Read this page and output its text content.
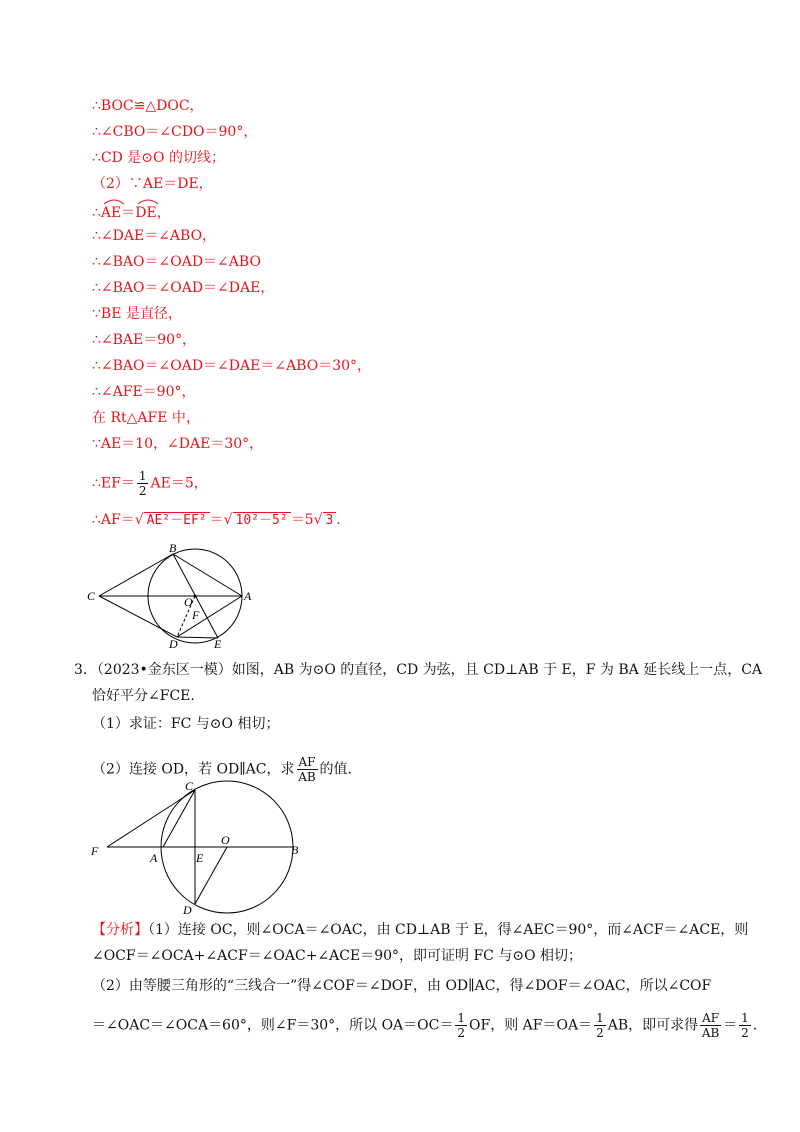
∴BOC≌△DOC，
∴∠CBO＝∠CDO＝90°，
∴CD 是⊙O 的切线；
（2）∵AE＝DE，
∴AE＝DE，
∴∠DAE＝∠ABO，
∴∠BAO＝∠OAD＝∠ABO
∴∠BAO＝∠OAD＝∠DAE，
∵BE 是直径，
∴∠BAE＝90°，
∴∠BAO＝∠OAD＝∠DAE＝∠ABO＝30°，
∴∠AFE＝90°，
在 Rt△AFE 中，
∵AE＝10，∠DAE＝30°，
∴EF＝ $\frac{1}{2} AE=5$，
∴AF＝√ AE²－EF² ＝√ 10²－5² ＝5√ 3 .
B
C	O
F
A
D	E
3．（2023•金东区一模）如图，AB 为⊙O 的直径，CD 为弦，且 CD⊥AB 于 E，F 为 BA 延长线上一点，CA
恰好平分∠FCE.
（1）求证：FC 与⊙O 相切；
（2）连接 OD，若 OD∥AC，求 $\frac{AF}{AB}$ 的值.
C
F	A	E
O
B
D
【分析】（1）连接 OC，则∠OCA＝∠OAC，由 CD⊥AB 于 E，得∠AEC＝90°，而∠ACF＝∠ACE，则
∠OCF＝∠OCA+∠ACF＝∠OAC+∠ACE＝90°，即可证明 FC 与⊙O 相切；
（2）由等腰三角形的“三线合一”得∠COF＝∠DOF，由 OD∥AC，得∠DOF＝∠OAC，所以∠COF
＝∠OAC＝∠OCA＝60°，则∠F＝30°，所以 $OA=OC= \frac{1}{2}$ OF，则 $AF=OA= \frac{1}{2}$ AB，即可求得 $\frac{AF}{AB} = \frac{1}{2}$ .
